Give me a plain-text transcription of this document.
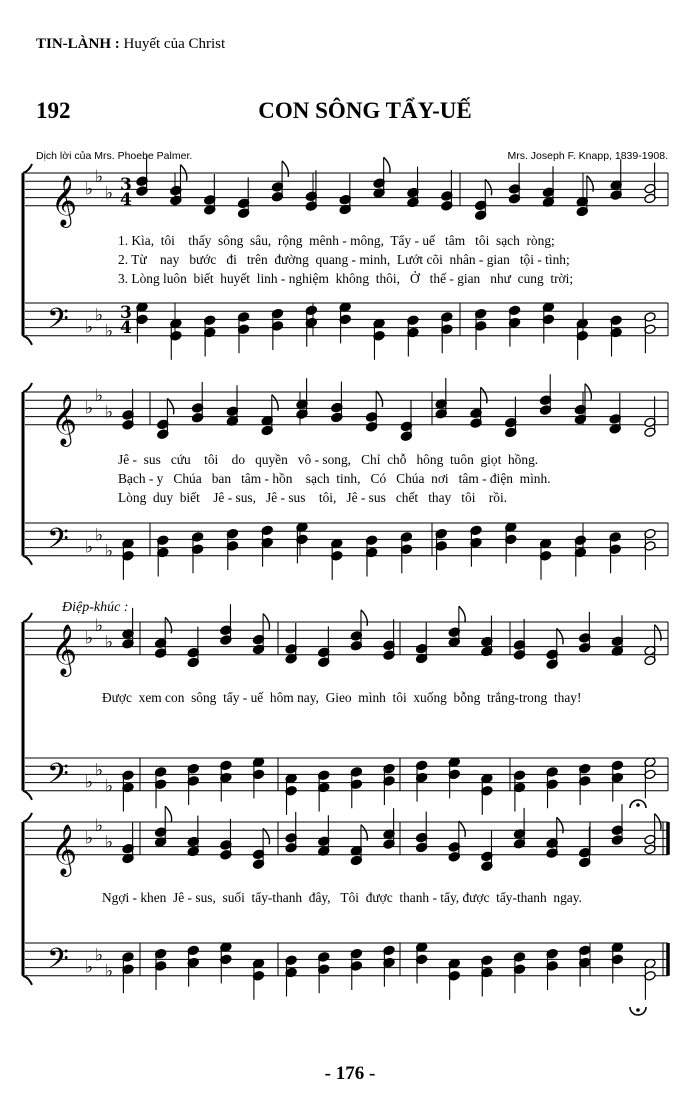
TIN-LÀNH : Huyết của Christ
192	CON SÔNG TẨY-UẾ
Dịch lời của Mrs. Phoebe Palmer.	Mrs. Joseph F. Knapp, 1839-1908.
𝄞
𝄢
♭
♭
♭
♭
♭
♭
𝄞
𝄢
♭
♭
♭
♭
♭
♭
𝄞
𝄢
♭
♭
♭
♭
♭
♭
𝄞
𝄢
♭
♭
♭
♭
♭
♭
3
4
3
4
1. Kìa,  tôi    thấy  sông  sâu,  rộng  mênh - mông,  Tẩy - uế   tâm   tôi  sạch  ròng;
2. Từ    nay   bước   đi   trên  đường  quang - minh,  Lướt cõi  nhân - gian   tội - tình;
3. Lòng luôn  biết  huyết  linh - nghiệm  không  thôi,   Ở   thế - gian   như  cung  trời;
Jê -  sus   cứu    tôi    do   quyền   vô - song,   Chỉ  chỗ   hông  tuôn  giọt  hồng.
Bạch - y   Chúa   ban   tâm - hồn    sạch  tinh,   Có   Chúa  nơi   tâm - điện  mình.
Lòng  duy  biết    Jê - sus,   Jê - sus    tôi,   Jê - sus   chết   thay   tôi    rồi.
Điệp-khúc :
Được  xem con  sông  tẩy - uế  hôm nay,  Gieo  mình  tôi  xuống  bỗng  trắng-trong  thay!
Ngợi - khen  Jê - sus,  suối  tẩy-thanh  đây,   Tôi  được  thanh - tẩy, được  tẩy-thanh  ngay.
- 176 -
